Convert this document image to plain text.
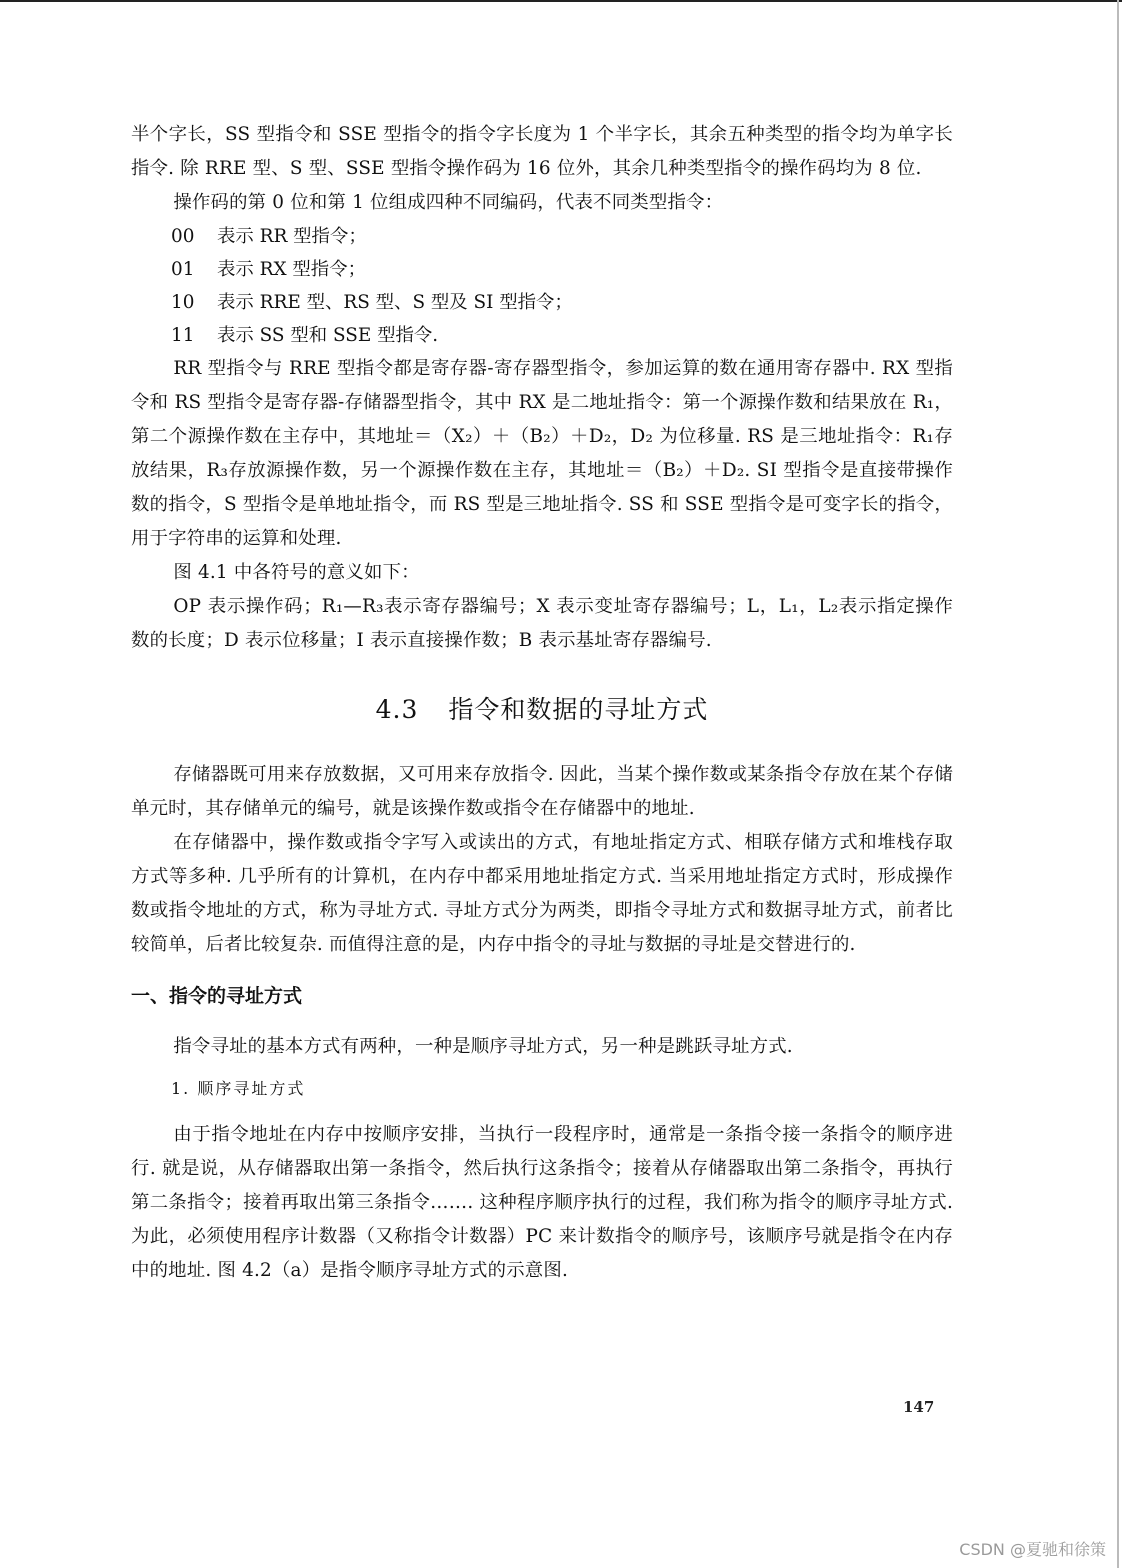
半个字长，SS 型指令和 SSE 型指令的指令字长度为 1 个半字长，其余五种类型的指令均为单字长指令. 除 RRE 型、S 型、SSE 型指令操作码为 16 位外，其余几种类型指令的操作码均为 8 位.

操作码的第 0 位和第 1 位组成四种不同编码，代表不同类型指令：

00 表示 RR 型指令；

01 表示 RX 型指令；

10 表示 RRE 型、RS 型、S 型及 SI 型指令；

11 表示 SS 型和 SSE 型指令.

RR 型指令与 RRE 型指令都是寄存器-寄存器型指令，参加运算的数在通用寄存器中. RX 型指令和 RS 型指令是寄存器-存储器型指令，其中 RX 是二地址指令：第一个源操作数和结果放在 R₁，第二个源操作数在主存中，其地址＝（X₂）＋（B₂）＋D₂，D₂ 为位移量. RS 是三地址指令：R₁存放结果，R₃存放源操作数，另一个源操作数在主存，其地址＝（B₂）＋D₂. SI 型指令是直接带操作数的指令，S 型指令是单地址指令，而 RS 型是三地址指令. SS 和 SSE 型指令是可变字长的指令，用于字符串的运算和处理.

图 4.1 中各符号的意义如下：

OP 表示操作码；R₁—R₃表示寄存器编号；X 表示变址寄存器编号；L，L₁，L₂表示指定操作数的长度；D 表示位移量；I 表示直接操作数；B 表示基址寄存器编号.

4.3 指令和数据的寻址方式

存储器既可用来存放数据，又可用来存放指令. 因此，当某个操作数或某条指令存放在某个存储单元时，其存储单元的编号，就是该操作数或指令在存储器中的地址.

在存储器中，操作数或指令字写入或读出的方式，有地址指定方式、相联存储方式和堆栈存取方式等多种. 几乎所有的计算机，在内存中都采用地址指定方式. 当采用地址指定方式时，形成操作数或指令地址的方式，称为寻址方式. 寻址方式分为两类，即指令寻址方式和数据寻址方式，前者比较简单，后者比较复杂. 而值得注意的是，内存中指令的寻址与数据的寻址是交替进行的.

一、指令的寻址方式

指令寻址的基本方式有两种，一种是顺序寻址方式，另一种是跳跃寻址方式.

1. 顺序寻址方式

由于指令地址在内存中按顺序安排，当执行一段程序时，通常是一条指令接一条指令的顺序进行. 就是说，从存储器取出第一条指令，然后执行这条指令；接着从存储器取出第二条指令，再执行第二条指令；接着再取出第三条指令……. 这种程序顺序执行的过程，我们称为指令的顺序寻址方式. 为此，必须使用程序计数器（又称指令计数器）PC 来计数指令的顺序号，该顺序号就是指令在内存中的地址. 图 4.2（a）是指令顺序寻址方式的示意图.

147
CSDN @夏驰和徐策
